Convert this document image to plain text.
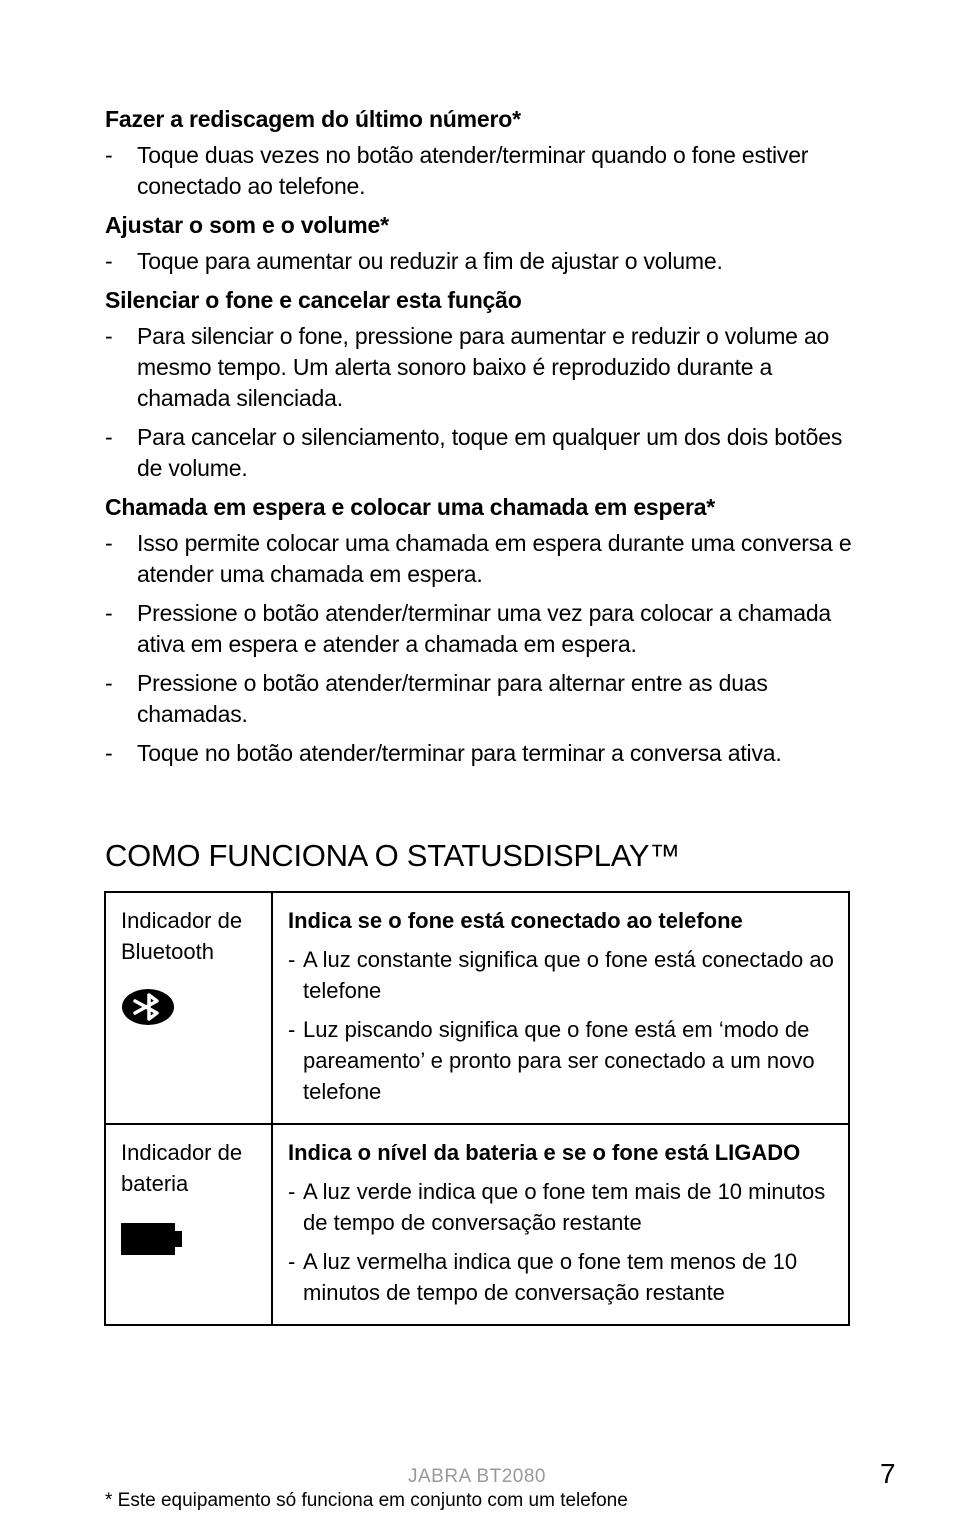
Fazer a rediscagem do último número*
- Toque duas vezes no botão atender/terminar quando o fone estiver conectado ao telefone.
Ajustar o som e o volume*
- Toque para aumentar ou reduzir a fim de ajustar o volume.
Silenciar o fone e cancelar esta função
- Para silenciar o fone, pressione para aumentar e reduzir o volume ao mesmo tempo. Um alerta sonoro baixo é reproduzido durante a chamada silenciada.
- Para cancelar o silenciamento, toque em qualquer um dos dois botões de volume.
Chamada em espera e colocar uma chamada em espera*
- Isso permite colocar uma chamada em espera durante uma conversa e atender uma chamada em espera.
- Pressione o botão atender/terminar uma vez para colocar a chamada ativa em espera e atender a chamada em espera.
- Pressione o botão atender/terminar para alternar entre as duas chamadas.
- Toque no botão atender/terminar para terminar a conversa ativa.
COMO FUNCIONA O STATUSDISPLAY™
Indicador de Bluetooth	Indica se o fone está conectado ao telefone
- A luz constante significa que o fone está conectado ao telefone
- Luz piscando significa que o fone está em ‘modo de pareamento’ e pronto para ser conectado a um novo telefone

Indicador de bateria	Indica o nível da bateria e se o fone está LIGADO
- A luz verde indica que o fone tem mais de 10 minutos de tempo de conversação restante
- A luz vermelha indica que o fone tem menos de 10 minutos de tempo de conversação restante
JABRA BT2080	7
* Este equipamento só funciona em conjunto com um telefone
